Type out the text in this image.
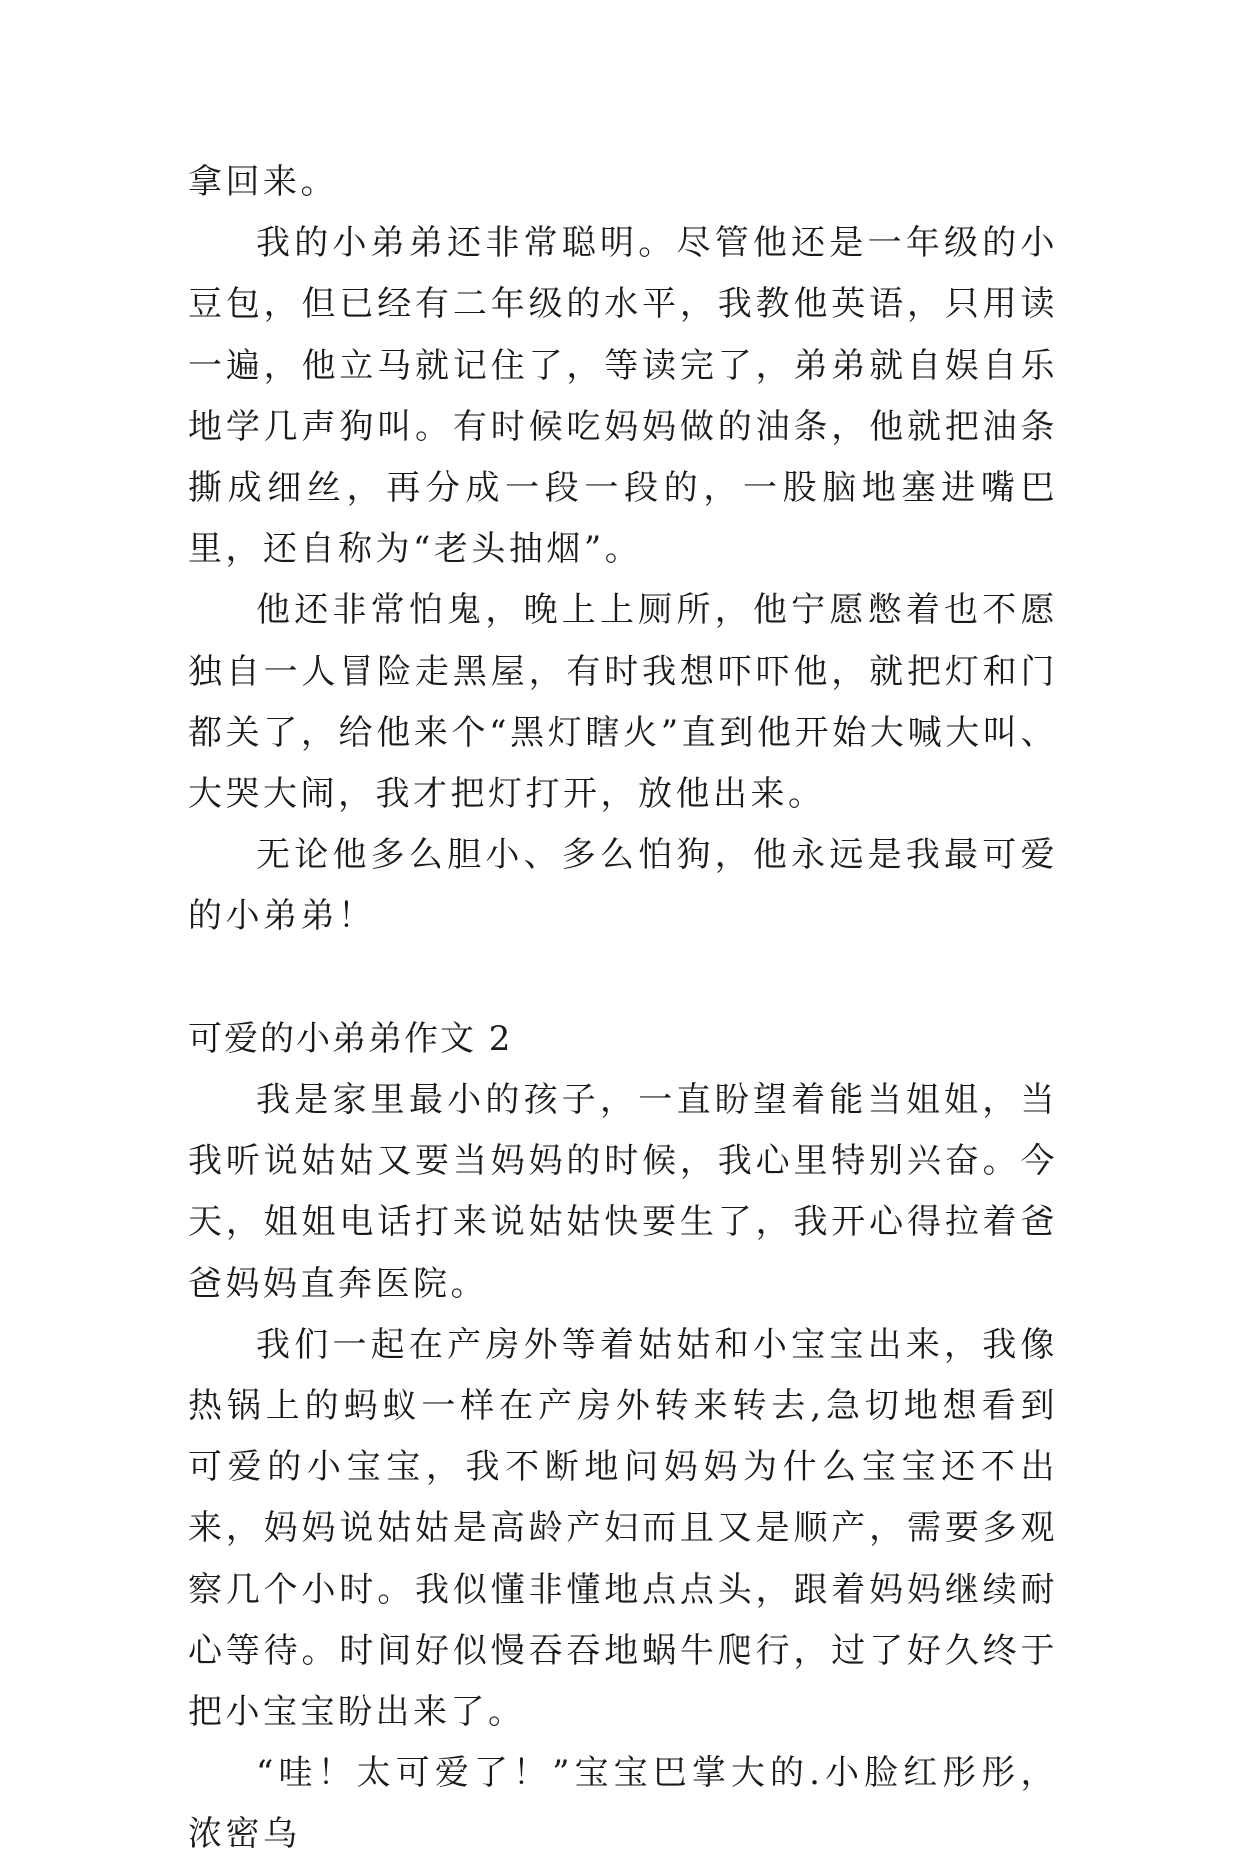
拿回来。

我的小弟弟还非常聪明。尽管他还是一年级的小豆包，但已经有二年级的水平，我教他英语，只用读一遍，他立马就记住了，等读完了，弟弟就自娱自乐地学几声狗叫。有时候吃妈妈做的油条，他就把油条撕成细丝，再分成一段一段的，一股脑地塞进嘴巴里，还自称为“老头抽烟”。

他还非常怕鬼，晚上上厕所，他宁愿憋着也不愿独自一人冒险走黑屋，有时我想吓吓他，就把灯和门都关了，给他来个“黑灯瞎火”直到他开始大喊大叫、大哭大闹，我才把灯打开，放他出来。

无论他多么胆小、多么怕狗，他永远是我最可爱的小弟弟！

可爱的小弟弟作文 2

我是家里最小的孩子，一直盼望着能当姐姐，当我听说姑姑又要当妈妈的时候，我心里特别兴奋。今天，姐姐电话打来说姑姑快要生了，我开心得拉着爸爸妈妈直奔医院。

我们一起在产房外等着姑姑和小宝宝出来，我像热锅上的蚂蚁一样在产房外转来转去,急切地想看到可爱的小宝宝，我不断地问妈妈为什么宝宝还不出来，妈妈说姑姑是高龄产妇而且又是顺产，需要多观察几个小时。我似懂非懂地点点头，跟着妈妈继续耐心等待。时间好似慢吞吞地蜗牛爬行，过了好久终于把小宝宝盼出来了。

“哇！太可爱了！”宝宝巴掌大的.小脸红彤彤，浓密乌
